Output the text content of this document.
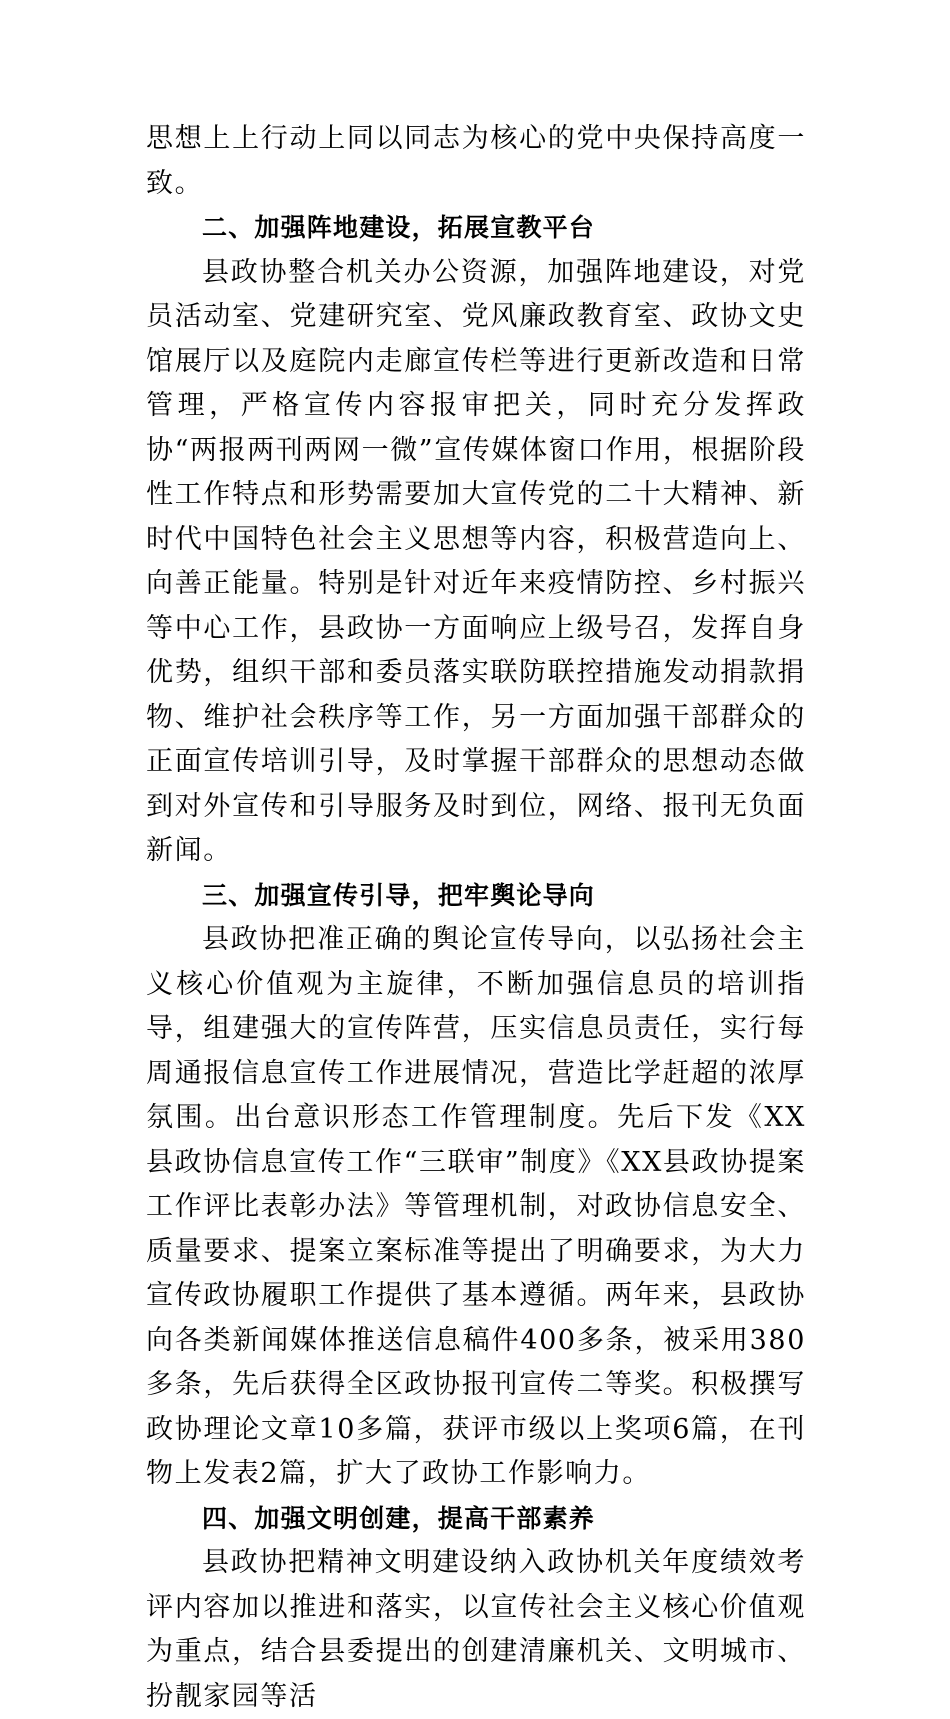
思想上上行动上同以同志为核心的党中央保持高度一致。

二、加强阵地建设，拓展宣教平台

县政协整合机关办公资源，加强阵地建设，对党员活动室、党建研究室、党风廉政教育室、政协文史馆展厅以及庭院内走廊宣传栏等进行更新改造和日常管理，严格宣传内容报审把关，同时充分发挥政协“两报两刊两网一微”宣传媒体窗口作用，根据阶段性工作特点和形势需要加大宣传党的二十大精神、新时代中国特色社会主义思想等内容，积极营造向上、向善正能量。特别是针对近年来疫情防控、乡村振兴等中心工作，县政协一方面响应上级号召，发挥自身优势，组织干部和委员落实联防联控措施发动捐款捐物、维护社会秩序等工作，另一方面加强干部群众的正面宣传培训引导，及时掌握干部群众的思想动态做到对外宣传和引导服务及时到位，网络、报刊无负面新闻。

三、加强宣传引导，把牢舆论导向

县政协把准正确的舆论宣传导向，以弘扬社会主义核心价值观为主旋律，不断加强信息员的培训指导，组建强大的宣传阵营，压实信息员责任，实行每周通报信息宣传工作进展情况，营造比学赶超的浓厚氛围。出台意识形态工作管理制度。先后下发《XX县政协信息宣传工作“三联审”制度》《XX县政协提案工作评比表彰办法》等管理机制，对政协信息安全、质量要求、提案立案标准等提出了明确要求，为大力宣传政协履职工作提供了基本遵循。两年来，县政协向各类新闻媒体推送信息稿件400多条，被采用380多条，先后获得全区政协报刊宣传二等奖。积极撰写政协理论文章10多篇，获评市级以上奖项6篇，在刊物上发表2篇，扩大了政协工作影响力。

四、加强文明创建，提高干部素养

县政协把精神文明建设纳入政协机关年度绩效考评内容加以推进和落实，以宣传社会主义核心价值观为重点，结合县委提出的创建清廉机关、文明城市、扮靓家园等活
